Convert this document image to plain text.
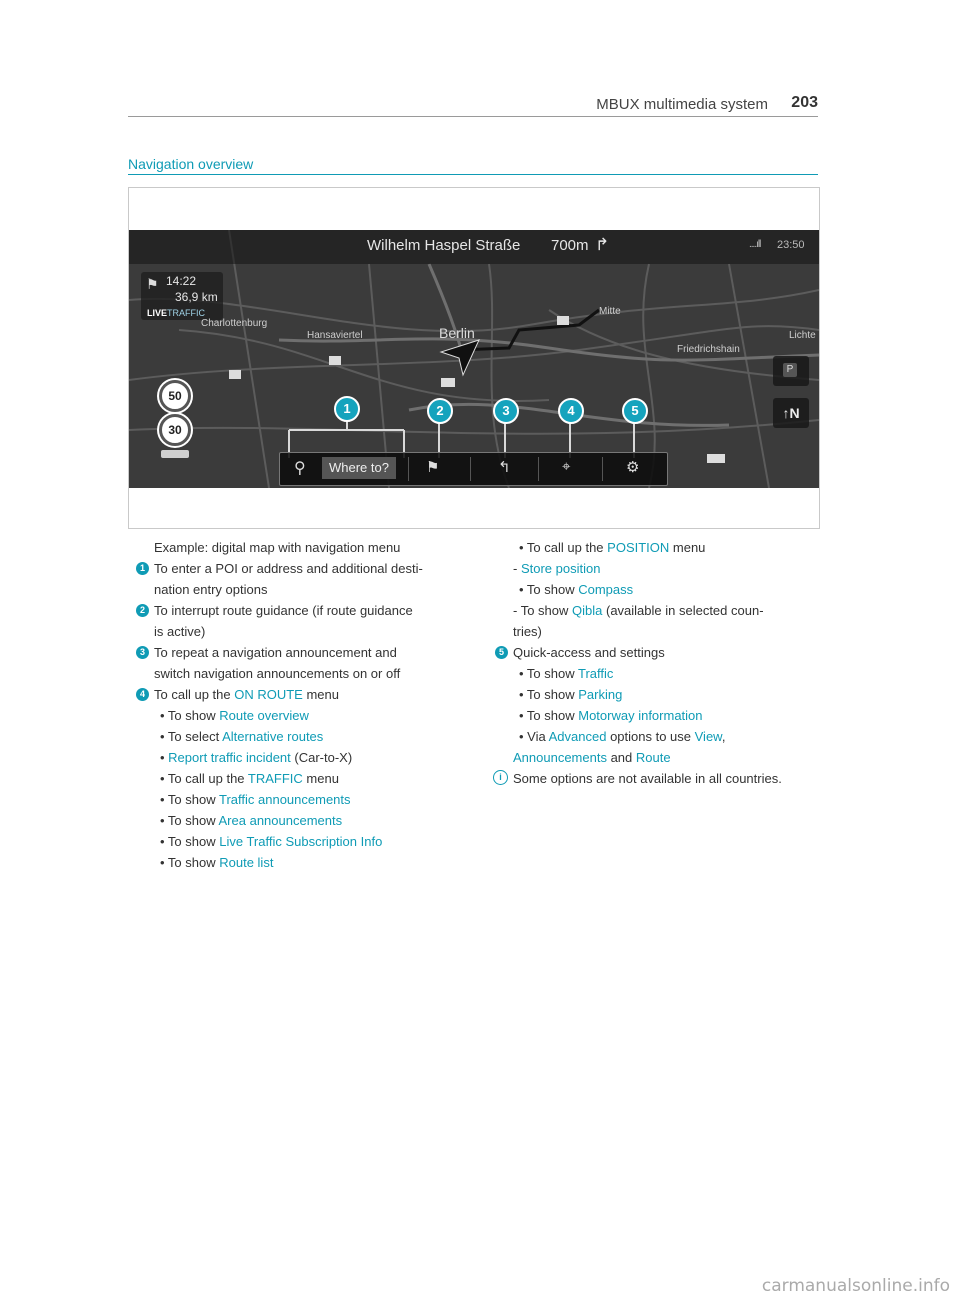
MBUX multimedia system 203
Navigation overview
Wilhelm Haspel Straße 700m ↱	....ıll 23:50
⚑ 14:22
36,9 km
LIVETRAFFIC
Charlottenburg
Hansaviertel	Berlin
Mitte
Friedrichshain
Lichte
50
30
P
↑N
⚲	Where to?	⚑	↰	⌖	⚙
1	2	3	4	5
Example: digital map with navigation menu
1 To enter a POI or address and additional desti-
nation entry options
2 To interrupt route guidance (if route guidance
is active)
3 To repeat a navigation announcement and
switch navigation announcements on or off
4 To call up the ON ROUTE menu
• To show Route overview
• To select Alternative routes
• Report traffic incident (Car-to-X)
• To call up the TRAFFIC menu
• To show Traffic announcements
• To show Area announcements
• To show Live Traffic Subscription Info
• To show Route list
• To call up the POSITION menu
- Store position
• To show Compass
- To show Qibla (available in selected coun-
tries)
5 Quick-access and settings
• To show Traffic
• To show Parking
• To show Motorway information
• Via Advanced options to use View,
Announcements and Route
i Some options are not available in all countries.
carmanualsonline.info
